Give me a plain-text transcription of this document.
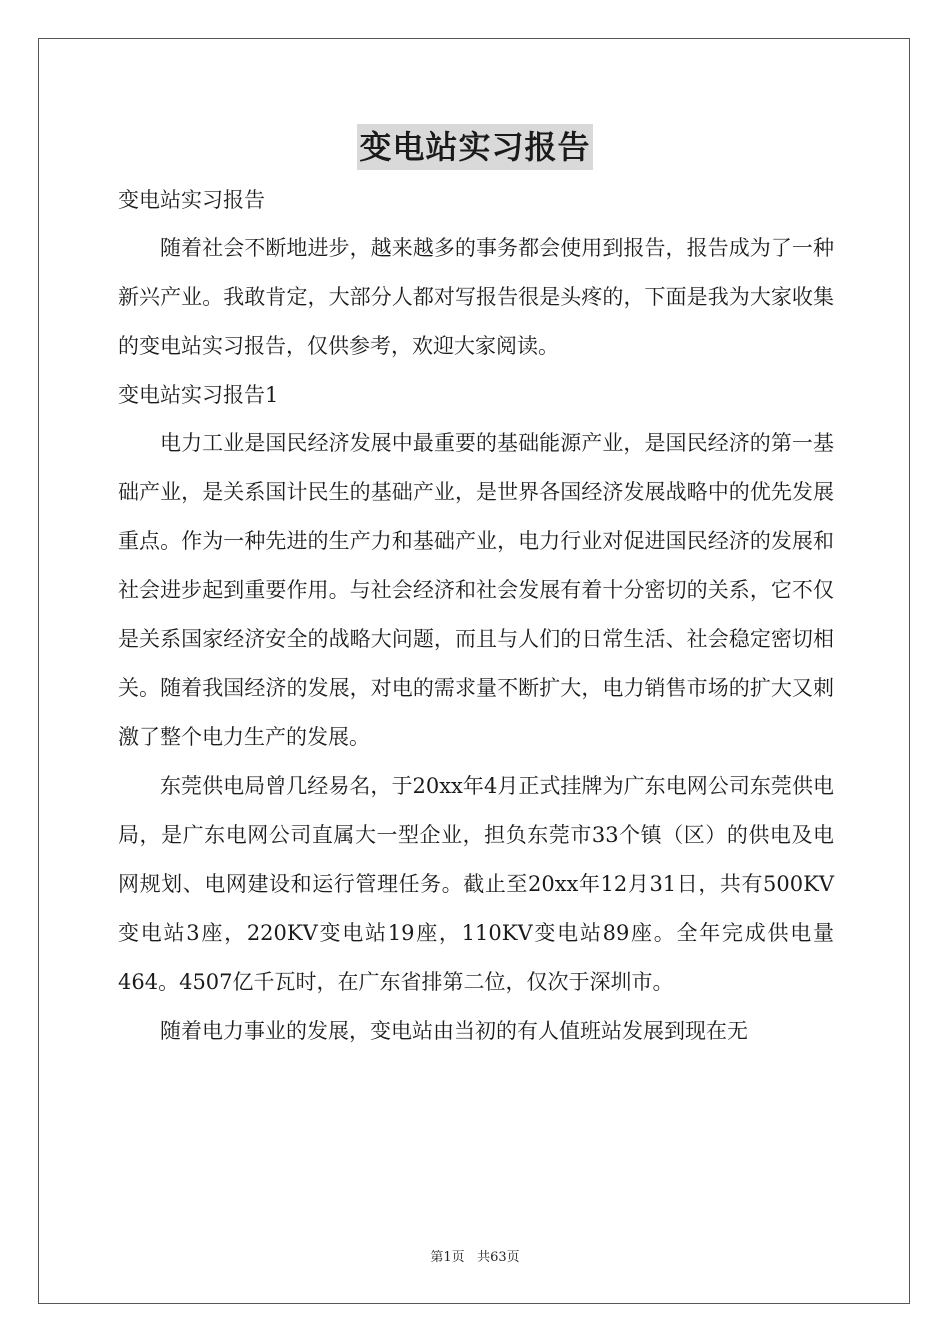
变电站实习报告

变电站实习报告

随着社会不断地进步，越来越多的事务都会使用到报告，报告成为了一种新兴产业。我敢肯定，大部分人都对写报告很是头疼的，下面是我为大家收集的变电站实习报告，仅供参考，欢迎大家阅读。

变电站实习报告1

电力工业是国民经济发展中最重要的基础能源产业，是国民经济的第一基础产业，是关系国计民生的基础产业，是世界各国经济发展战略中的优先发展重点。作为一种先进的生产力和基础产业，电力行业对促进国民经济的发展和社会进步起到重要作用。与社会经济和社会发展有着十分密切的关系，它不仅是关系国家经济安全的战略大问题，而且与人们的日常生活、社会稳定密切相关。随着我国经济的发展，对电的需求量不断扩大，电力销售市场的扩大又刺激了整个电力生产的发展。

东莞供电局曾几经易名，于20xx年4月正式挂牌为广东电网公司东莞供电局，是广东电网公司直属大一型企业，担负东莞市33个镇（区）的供电及电网规划、电网建设和运行管理任务。截止至20xx年12月31日，共有500KV变电站3座，220KV变电站19座，110KV变电站89座。全年完成供电量464。4507亿千瓦时，在广东省排第二位，仅次于深圳市。

随着电力事业的发展，变电站由当初的有人值班站发展到现在无

第1页 共63页
